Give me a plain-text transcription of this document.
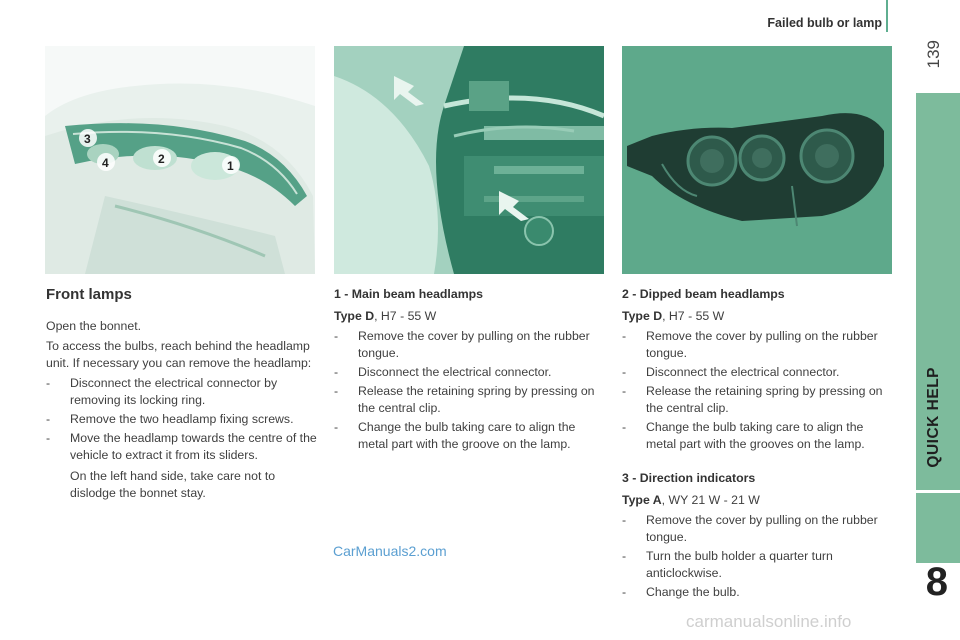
Failed bulb or lamp
139
QUICK HELP
8
3
2
4	1
Front lamps
Open the bonnet.
To access the bulbs, reach behind the headlamp unit. If necessary you can remove the headlamp:
- Disconnect the electrical connector by removing its locking ring.
- Remove the two headlamp fixing screws.
- Move the headlamp towards the centre of the vehicle to extract it from its sliders.
On the left hand side, take care not to dislodge the bonnet stay.
1 - Main beam headlamps
Type D, H7 - 55 W
- Remove the cover by pulling on the rubber tongue.
- Disconnect the electrical connector.
- Release the retaining spring by pressing on the central clip.
- Change the bulb taking care to align the metal part with the groove on the lamp.
2 - Dipped beam headlamps
Type D, H7 - 55 W
- Remove the cover by pulling on the rubber tongue.
- Disconnect the electrical connector.
- Release the retaining spring by pressing on the central clip.
- Change the bulb taking care to align the metal part with the grooves on the lamp.
3 - Direction indicators
Type A, WY 21 W - 21 W
- Remove the cover by pulling on the rubber tongue.
- Turn the bulb holder a quarter turn anticlockwise.
- Change the bulb.
CarManuals2.com
carmanualsonline.info
